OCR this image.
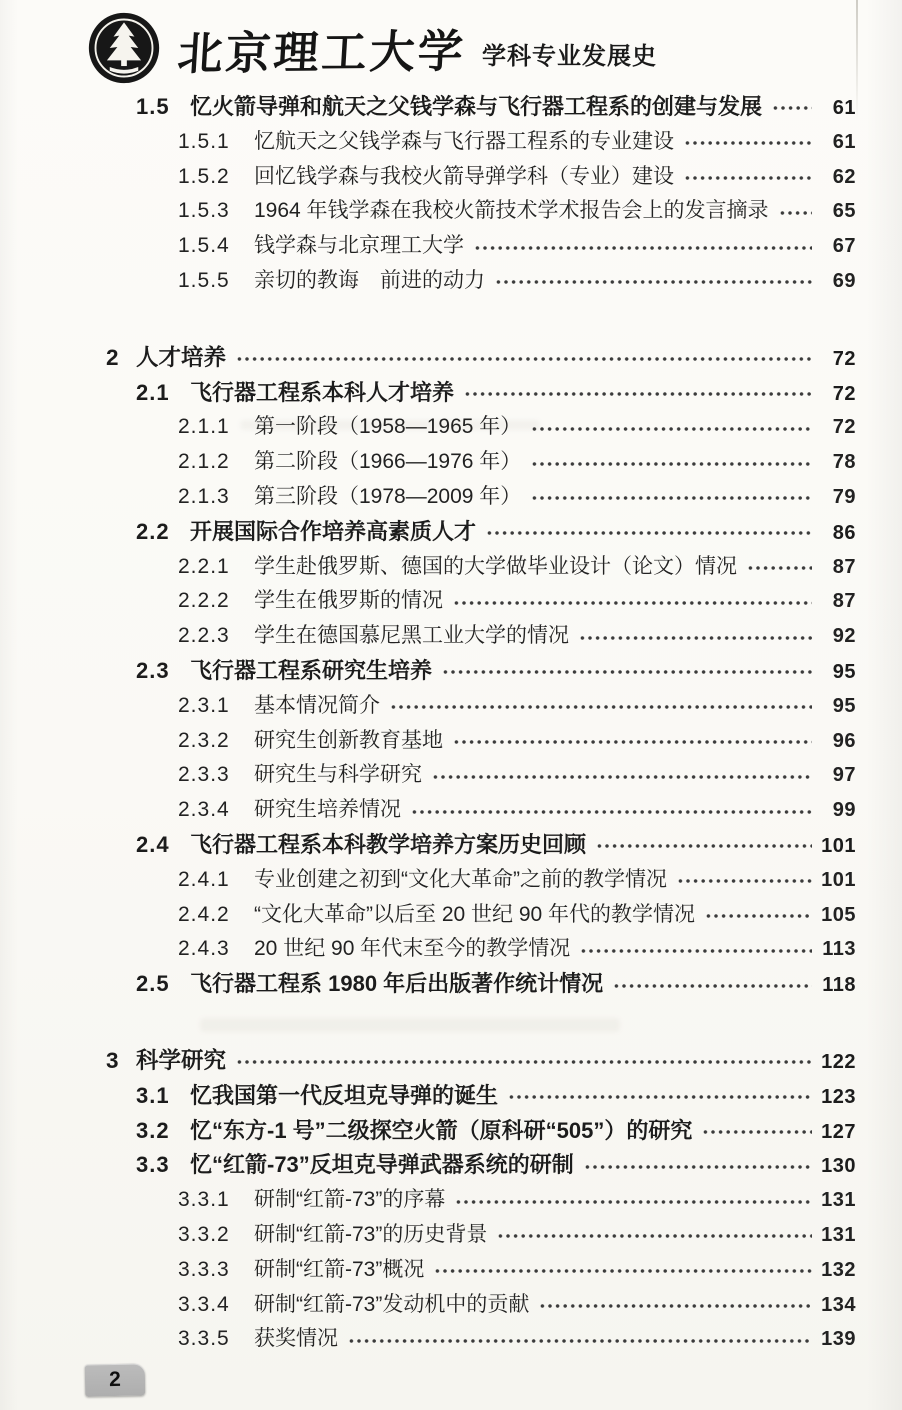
北京理工大学 学科专业发展史
1.5 忆火箭导弹和航天之父钱学森与飞行器工程系的创建与发展	61
1.5.1	忆航天之父钱学森与飞行器工程系的专业建设	61
1.5.2	回忆钱学森与我校火箭导弹学科（专业）建设	62
1.5.3	1964 年钱学森在我校火箭技术学术报告会上的发言摘录	65
1.5.4	钱学森与北京理工大学	67
1.5.5	亲切的教诲　前进的动力	69
2 人才培养	72
2.1 飞行器工程系本科人才培养	72
2.1.1	第一阶段（1958—1965 年）	72
2.1.2	第二阶段（1966—1976 年）	78
2.1.3	第三阶段（1978—2009 年）	79
2.2 开展国际合作培养高素质人才	86
2.2.1	学生赴俄罗斯、德国的大学做毕业设计（论文）情况	87
2.2.2	学生在俄罗斯的情况	87
2.2.3	学生在德国慕尼黑工业大学的情况	92
2.3 飞行器工程系研究生培养	95
2.3.1	基本情况简介	95
2.3.2	研究生创新教育基地	96
2.3.3	研究生与科学研究	97
2.3.4	研究生培养情况	99
2.4 飞行器工程系本科教学培养方案历史回顾	101
2.4.1	专业创建之初到“文化大革命”之前的教学情况	101
2.4.2	“文化大革命”以后至 20 世纪 90 年代的教学情况	105
2.4.3	20 世纪 90 年代末至今的教学情况	113
2.5 飞行器工程系 1980 年后出版著作统计情况	118
3 科学研究	122
3.1 忆我国第一代反坦克导弹的诞生	123
3.2 忆“东方-1 号”二级探空火箭（原科研“505”）的研究	127
3.3 忆“红箭-73”反坦克导弹武器系统的研制	130
3.3.1	研制“红箭-73”的序幕	131
3.3.2	研制“红箭-73”的历史背景	131
3.3.3	研制“红箭-73”概况	132
3.3.4	研制“红箭-73”发动机中的贡献	134
3.3.5	获奖情况	139
2
